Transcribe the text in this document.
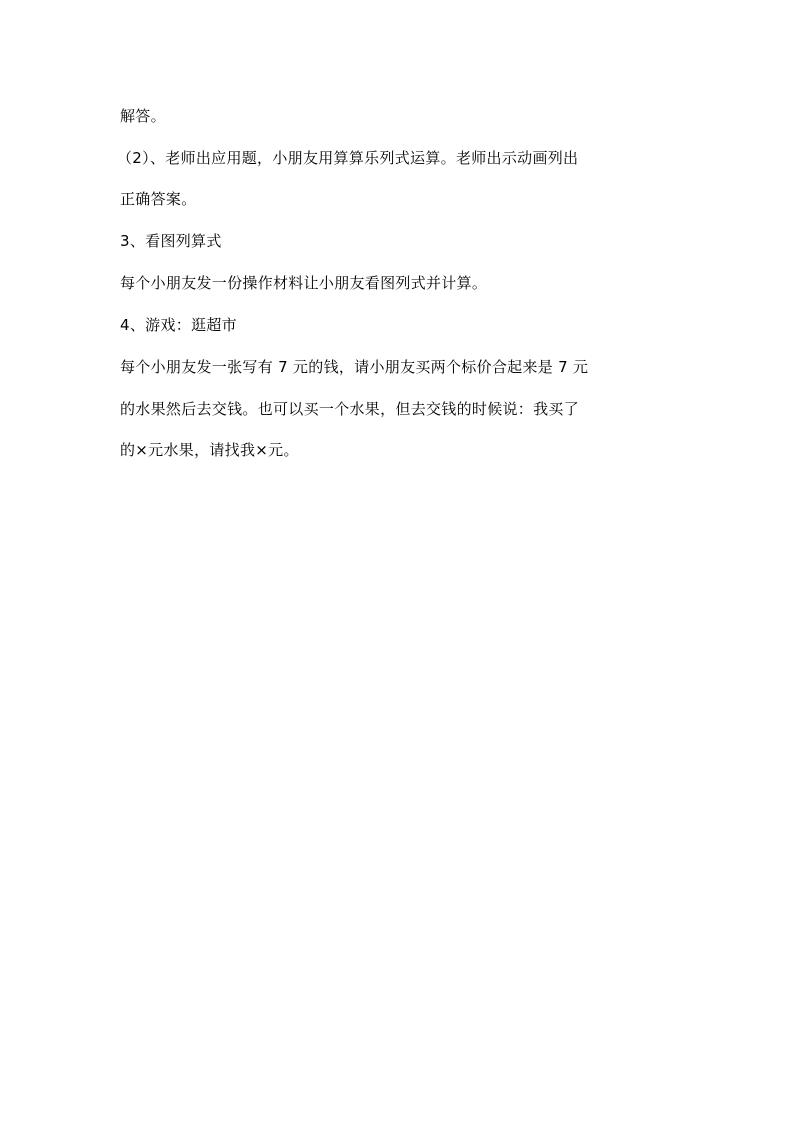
解答。
（2）、老师出应用题，小朋友用算算乐列式运算。老师出示动画列出
正确答案。
3、看图列算式
每个小朋友发一份操作材料让小朋友看图列式并计算。
4、游戏：逛超市
每个小朋友发一张写有 7 元的钱，请小朋友买两个标价合起来是 7 元
的水果然后去交钱。也可以买一个水果，但去交钱的时候说：我买了
的×元水果，请找我×元。
